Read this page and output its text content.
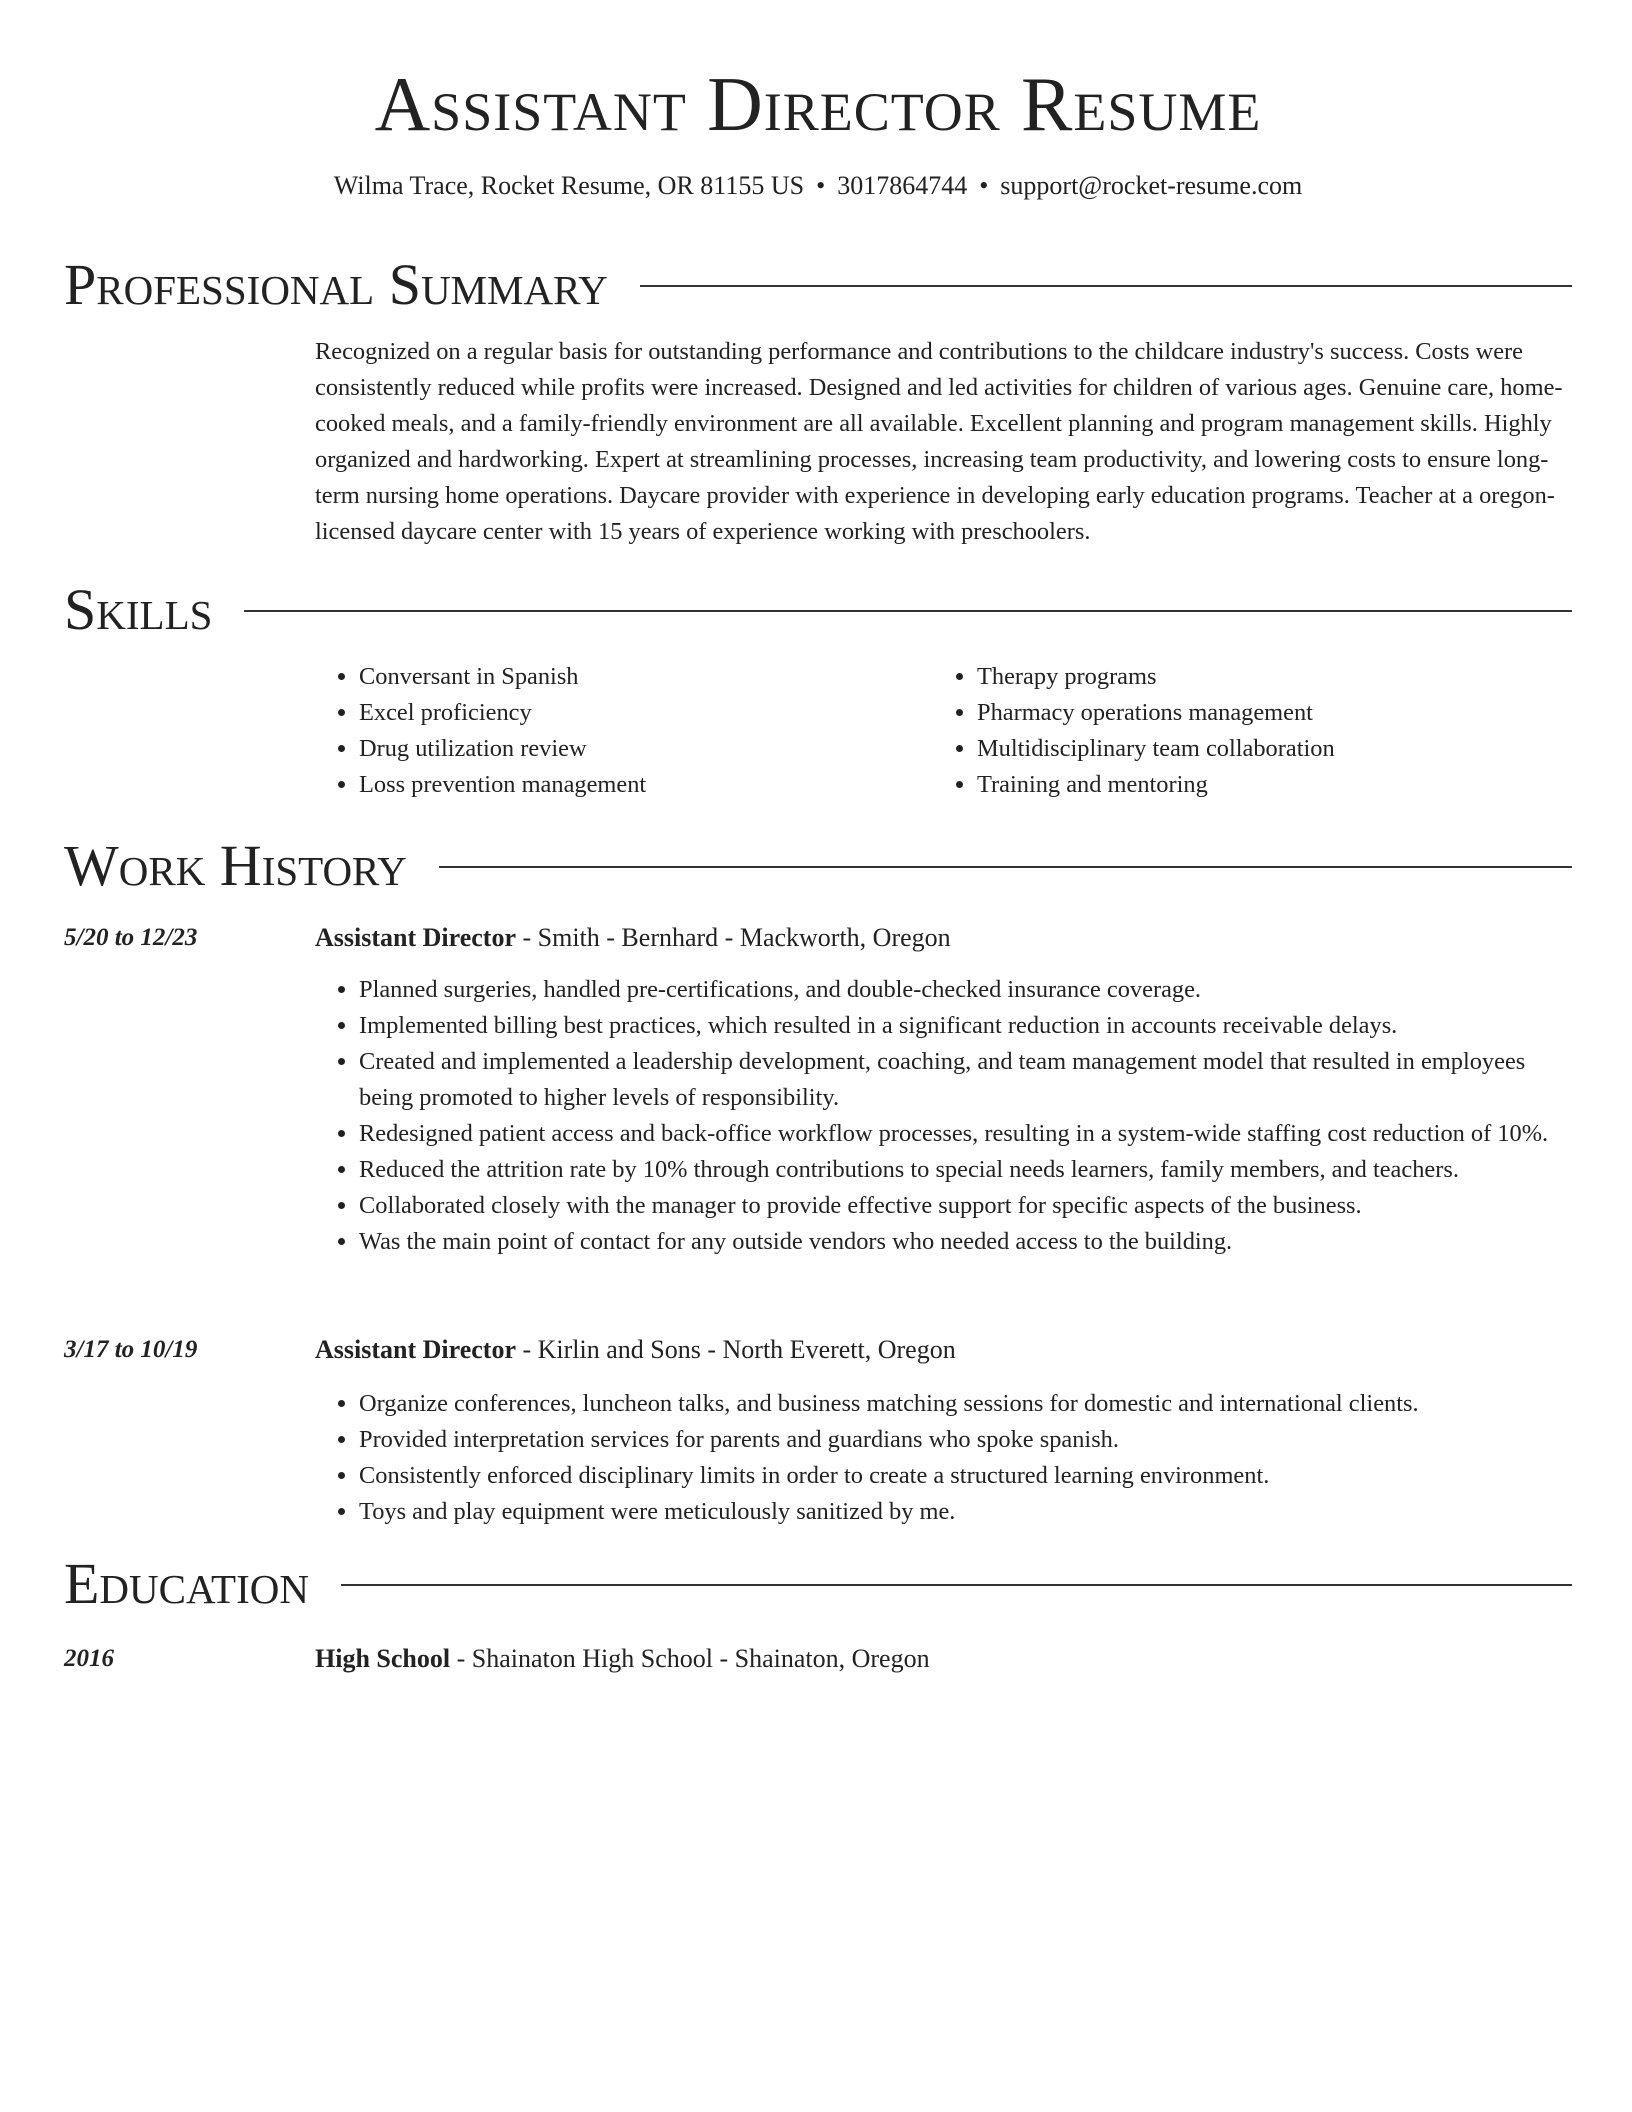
Assistant Director Resume
Wilma Trace, Rocket Resume, OR 81155 US • 3017864744 • support@rocket-resume.com
Professional Summary
Recognized on a regular basis for outstanding performance and contributions to the childcare industry's success. Costs were consistently reduced while profits were increased. Designed and led activities for children of various ages. Genuine care, home-cooked meals, and a family-friendly environment are all available. Excellent planning and program management skills. Highly organized and hardworking. Expert at streamlining processes, increasing team productivity, and lowering costs to ensure long-term nursing home operations. Daycare provider with experience in developing early education programs. Teacher at a oregon-licensed daycare center with 15 years of experience working with preschoolers.
Skills
• Conversant in Spanish
• Excel proficiency
• Drug utilization review
• Loss prevention management
• Therapy programs
• Pharmacy operations management
• Multidisciplinary team collaboration
• Training and mentoring
Work History
5/20 to 12/23	Assistant Director - Smith - Bernhard - Mackworth, Oregon
• Planned surgeries, handled pre-certifications, and double-checked insurance coverage.
• Implemented billing best practices, which resulted in a significant reduction in accounts receivable delays.
• Created and implemented a leadership development, coaching, and team management model that resulted in employees being promoted to higher levels of responsibility.
• Redesigned patient access and back-office workflow processes, resulting in a system-wide staffing cost reduction of 10%.
• Reduced the attrition rate by 10% through contributions to special needs learners, family members, and teachers.
• Collaborated closely with the manager to provide effective support for specific aspects of the business.
• Was the main point of contact for any outside vendors who needed access to the building.
3/17 to 10/19	Assistant Director - Kirlin and Sons - North Everett, Oregon
• Organize conferences, luncheon talks, and business matching sessions for domestic and international clients.
• Provided interpretation services for parents and guardians who spoke spanish.
• Consistently enforced disciplinary limits in order to create a structured learning environment.
• Toys and play equipment were meticulously sanitized by me.
Education
2016	High School - Shainaton High School - Shainaton, Oregon
